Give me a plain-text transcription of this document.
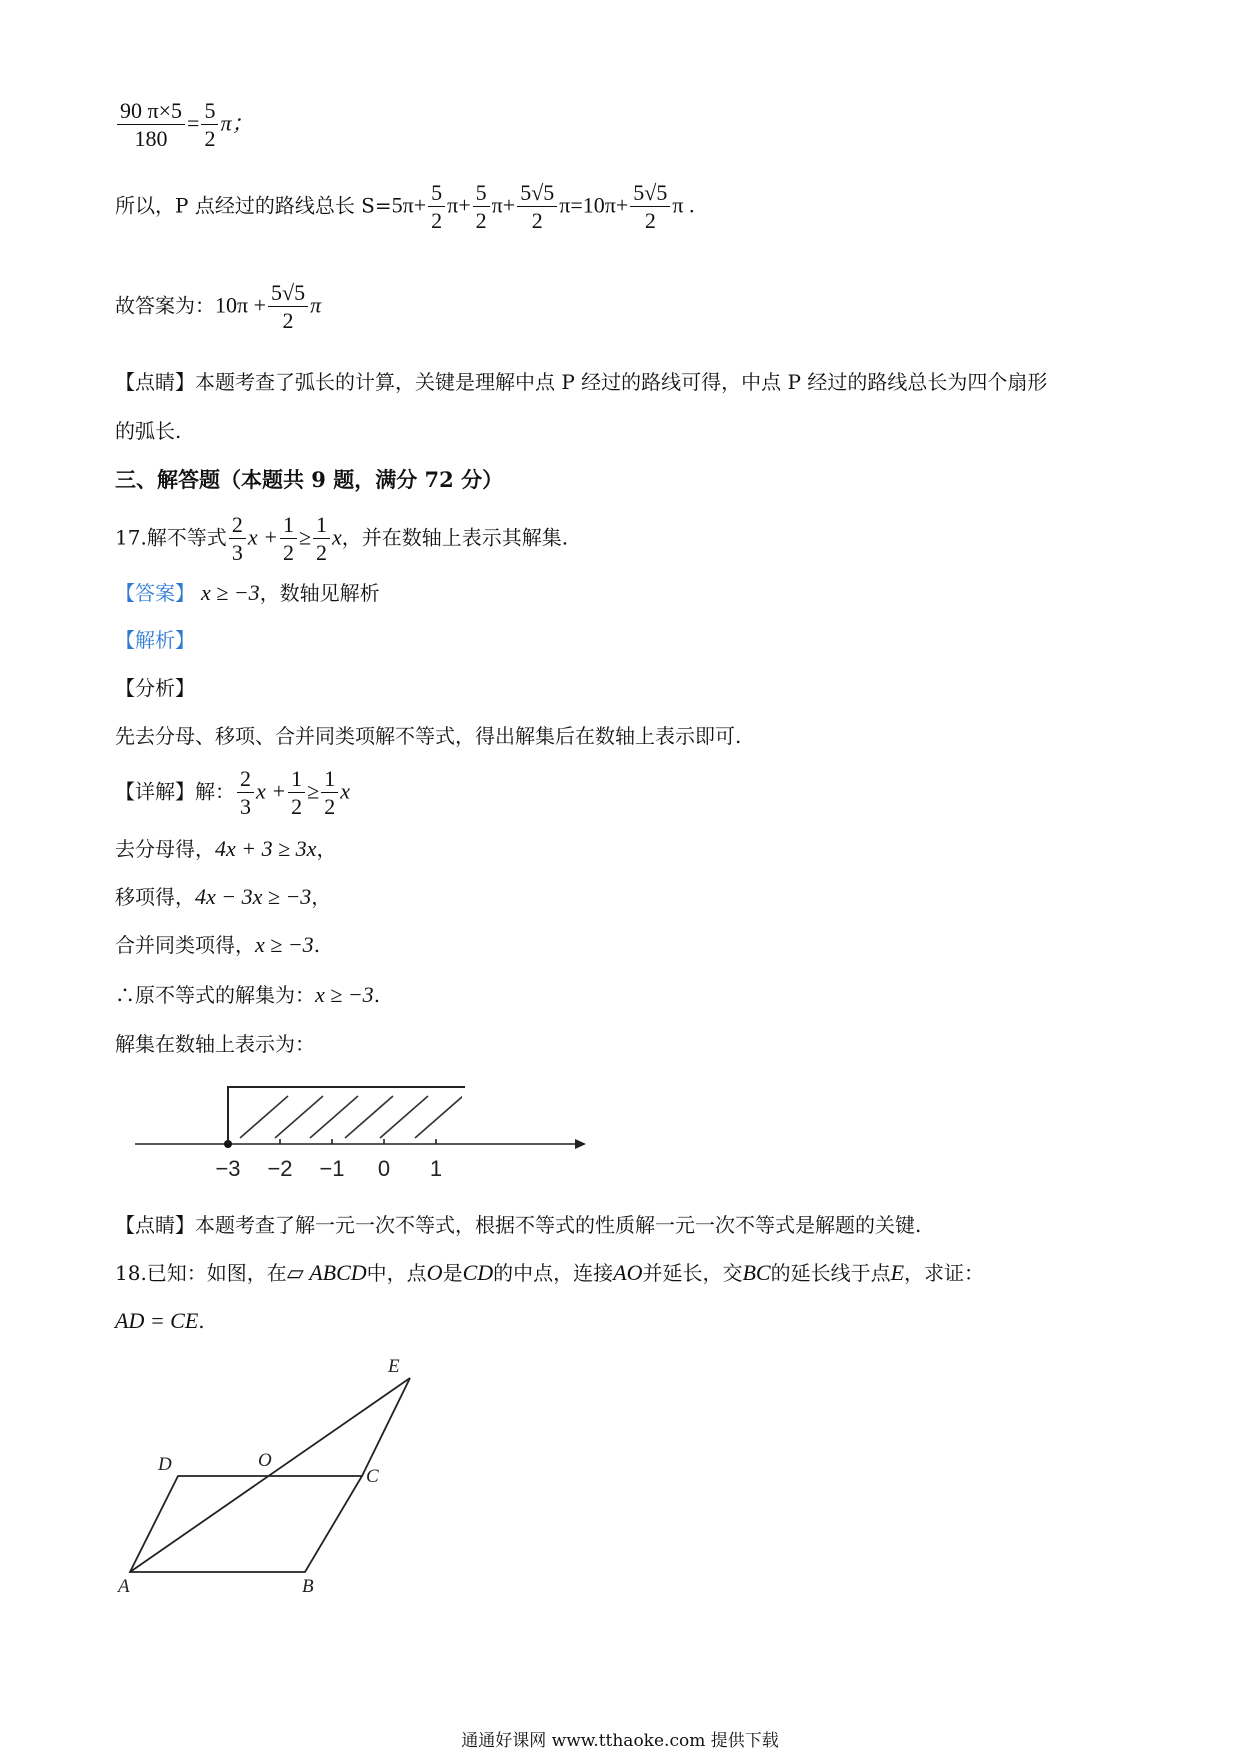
$\frac{90 \pi\times 5}{180} = \frac{5}{2}$ π；
所以，P 点经过的路线总长 $S=5\pi+ \frac{5}{2} \pi+ \frac{5}{2} \pi+ \frac{5√5}{2} \pi=10\pi+ \frac{5√5}{2}$ π .
故答案为：$10\pi + \frac{5√5}{2}$ π
【点睛】本题考查了弧长的计算，关键是理解中点 P 经过的路线可得，中点 P 经过的路线总长为四个扇形
的弧长.
三、解答题（本题共 9 题，满分 72 分）
17.解不等式 $\frac{2}{3}$ $x + \frac{1}{2} \ge \frac{1}{2}$ x，并在数轴上表示其解集.
【答案】 x ≥ −3，数轴见解析
【解析】
【分析】
先去分母、移项、合并同类项解不等式，得出解集后在数轴上表示即可.
【详解】解： $\frac{2}{3}$ $x + \frac{1}{2} \ge \frac{1}{2}$ x
去分母得，4x + 3 ≥ 3x，
移项得，4x − 3x ≥ −3，
合并同类项得，x ≥ −3.
∴原不等式的解集为：x ≥ −3.
解集在数轴上表示为：
−3 −2 −1 0 1
【点睛】本题考查了解一元一次不等式，根据不等式的性质解一元一次不等式是解题的关键.
18.已知：如图，在▱ ABCD中，点O是CD的中点，连接AO并延长，交BC的延长线于点E，求证：
AD = CE.
A	B
C
D
E
O
通通好课网 www.tthaoke.com 提供下载
